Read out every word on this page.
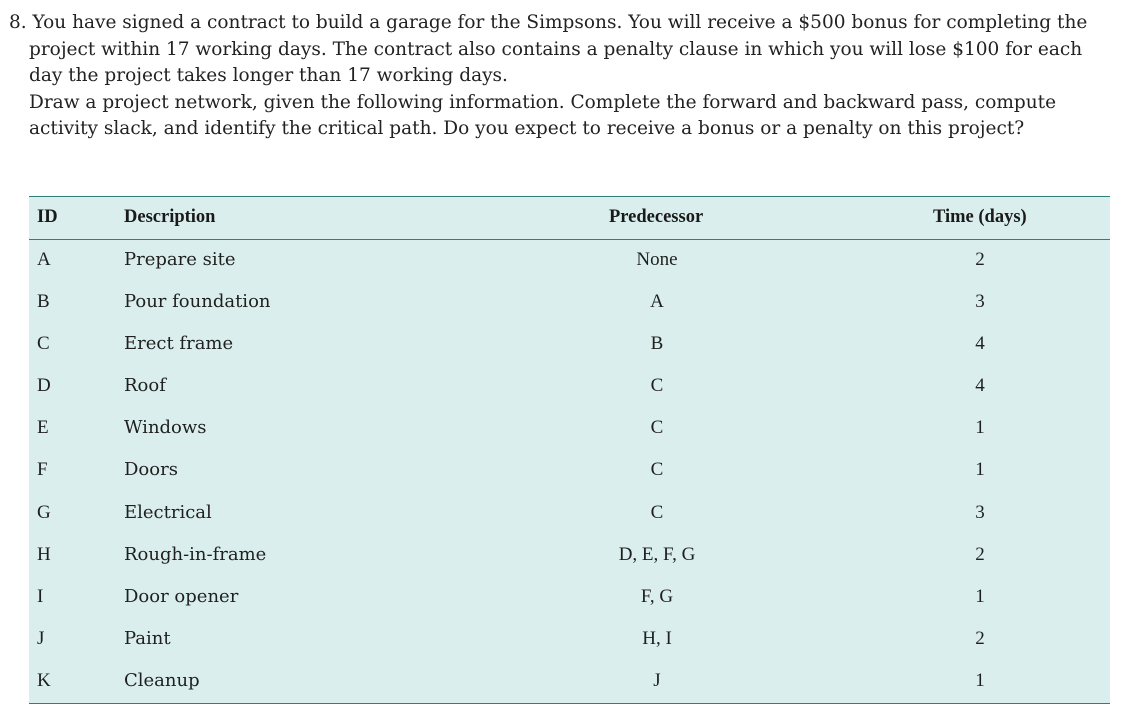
8. You have signed a contract to build a garage for the Simpsons. You will receive a $500 bonus for completing the project within 17 working days. The contract also contains a penalty clause in which you will lose $100 for each day the project takes longer than 17 working days.
Draw a project network, given the following information. Complete the forward and backward pass, compute activity slack, and identify the critical path. Do you expect to receive a bonus or a penalty on this project?
ID	Description	Predecessor	Time (days)
A	Prepare site	None	2
B	Pour foundation	A	3
C	Erect frame	B	4
D	Roof	C	4
E	Windows	C	1
F	Doors	C	1
G	Electrical	C	3
H	Rough-in-frame	D, E, F, G	2
I	Door opener	F, G	1
J	Paint	H, I	2
K	Cleanup	J	1
